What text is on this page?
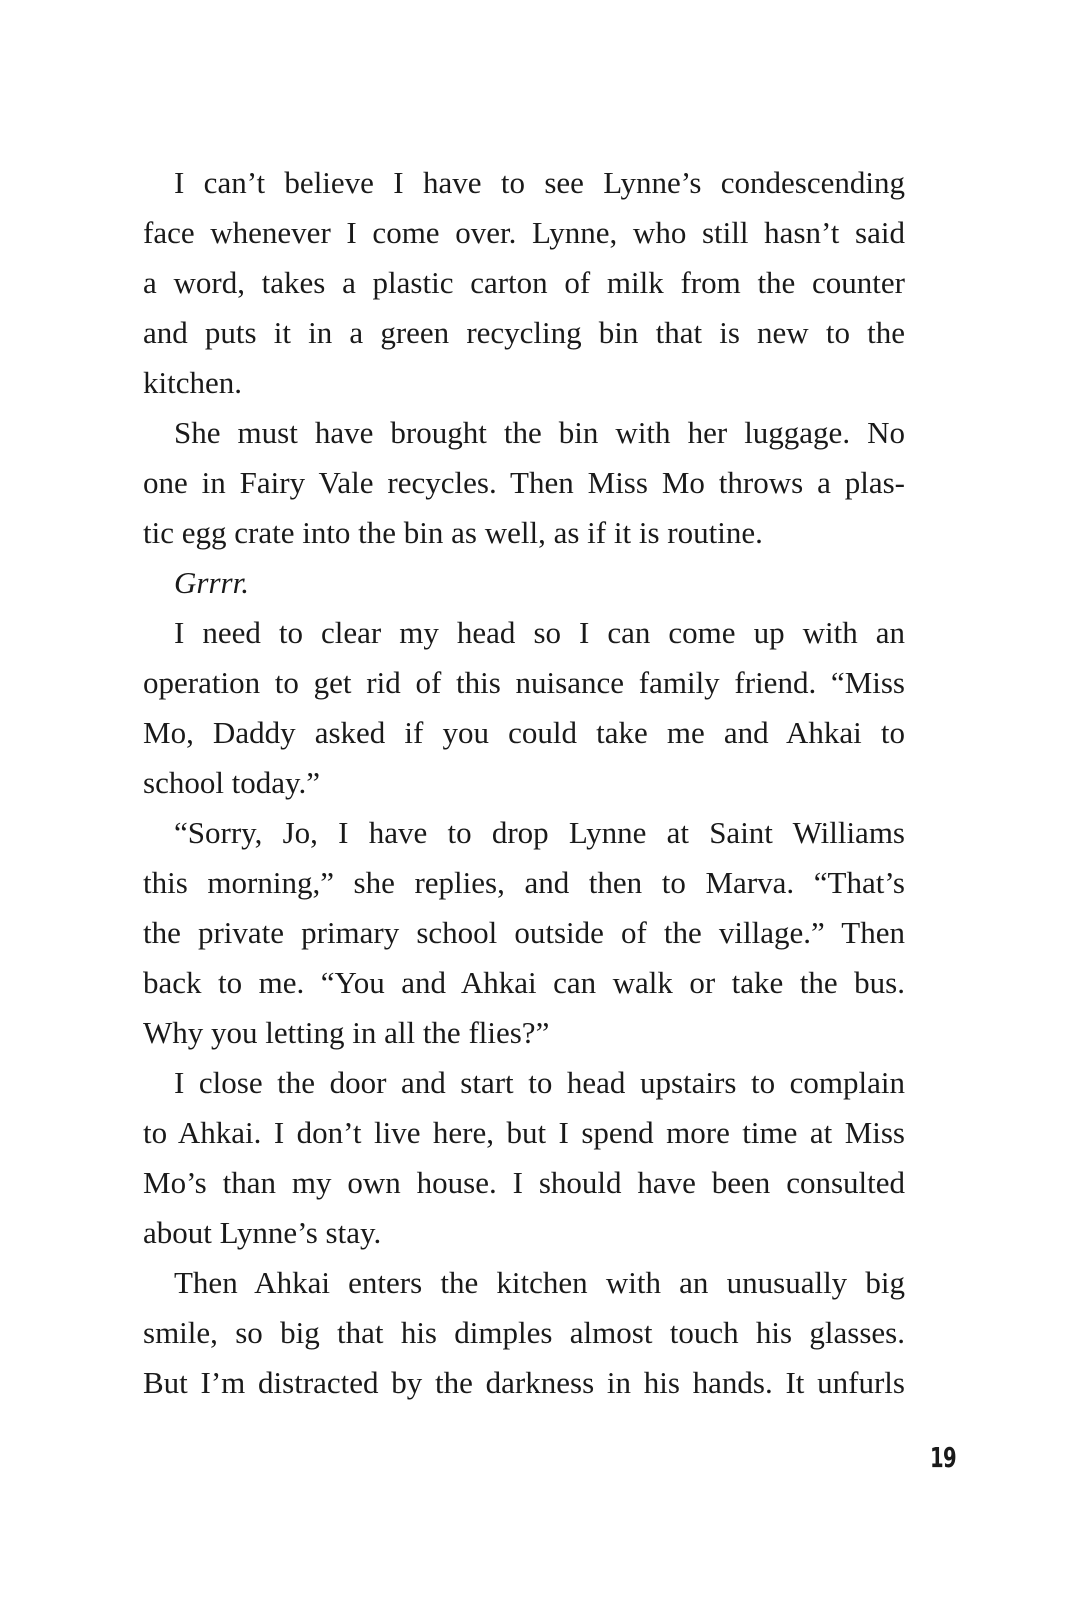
I can’t believe I have to see Lynne’s condescending
face whenever I come over. Lynne, who still hasn’t said
a word, takes a plastic carton of milk from the counter
and puts it in a green recycling bin that is new to the
kitchen.
She must have brought the bin with her luggage. No
one in Fairy Vale recycles. Then Miss Mo throws a plas-
tic egg crate into the bin as well, as if it is routine.
Grrrr.
I need to clear my head so I can come up with an
operation to get rid of this nuisance family friend. “Miss
Mo, Daddy asked if you could take me and Ahkai to
school today.”
“Sorry, Jo, I have to drop Lynne at Saint Williams
this morning,” she replies, and then to Marva. “That’s
the private primary school outside of the village.” Then
back to me. “You and Ahkai can walk or take the bus.
Why you letting in all the flies?”
I close the door and start to head upstairs to complain
to Ahkai. I don’t live here, but I spend more time at Miss
Mo’s than my own house. I should have been consulted
about Lynne’s stay.
Then Ahkai enters the kitchen with an unusually big
smile, so big that his dimples almost touch his glasses.
But I’m distracted by the darkness in his hands. It unfurls
19
